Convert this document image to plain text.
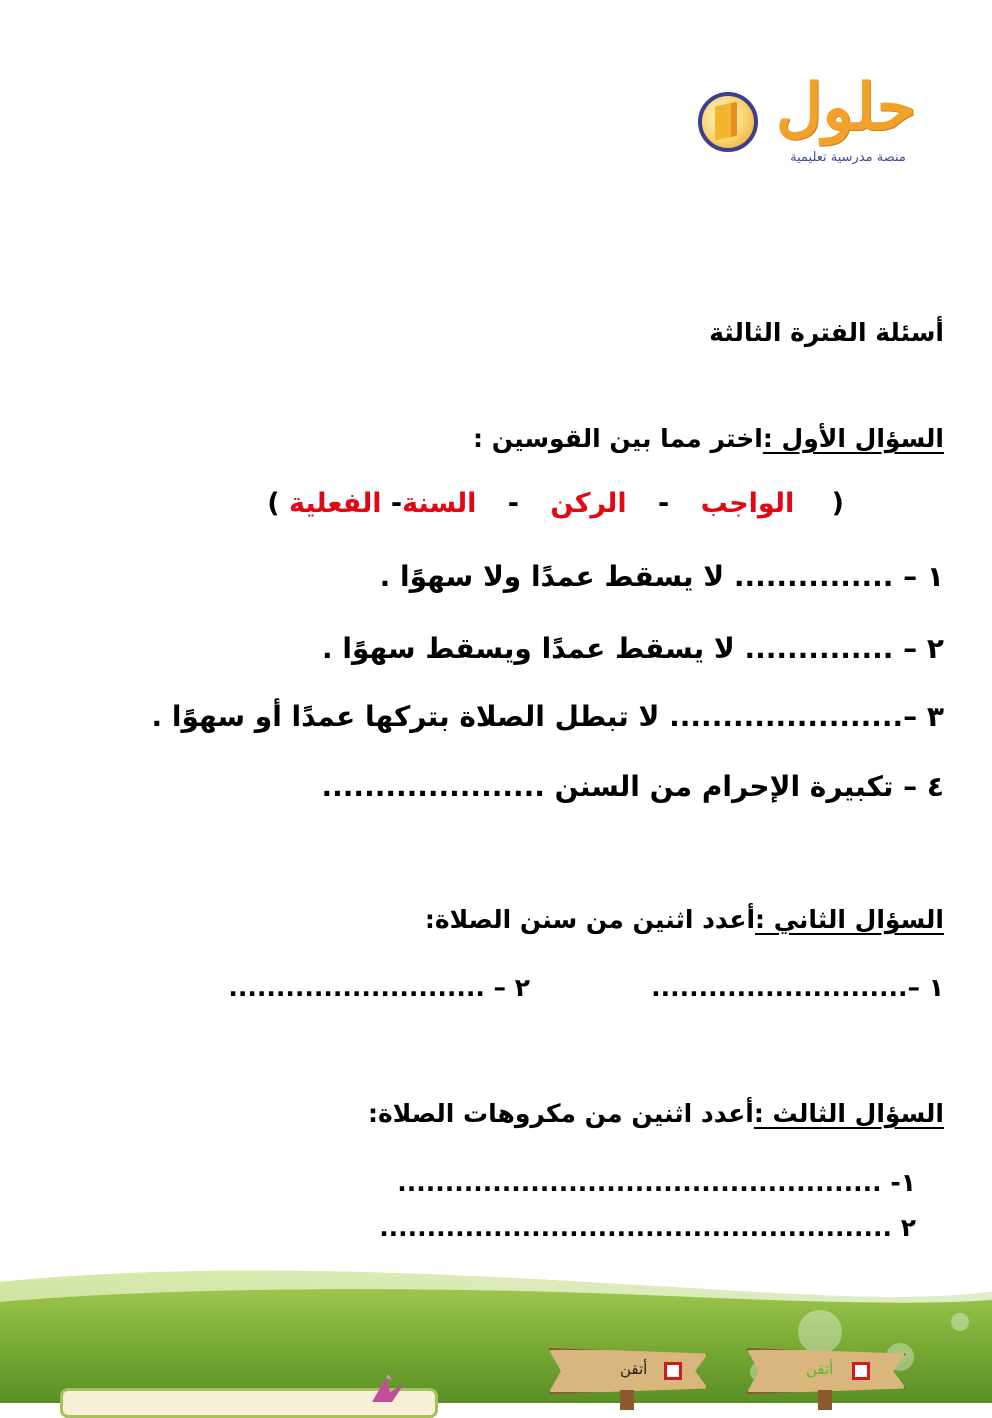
حلول
منصة مدرسية تعليمية
أسئلة الفترة الثالثة
السؤال الأول :اختر مما بين القوسين :
( الواجب - الركن - السنة- الفعلية )
١ – ............... لا يسقط عمدًا ولا سهوًا .
٢ – .............. لا يسقط عمدًا ويسقط سهوًا .
٣ –...................... لا تبطل الصلاة بتركها عمدًا أو سهوًا .
٤ – تكبيرة الإحرام من السنن .....................
السؤال الثاني :أعدد اثنين من سنن الصلاة:
١ –...........................
٢ – ...........................
السؤال الثالث :أعدد اثنين من مكروهات الصلاة:
١- ...................................................
٢ ......................................................
أتقن	أتقن
